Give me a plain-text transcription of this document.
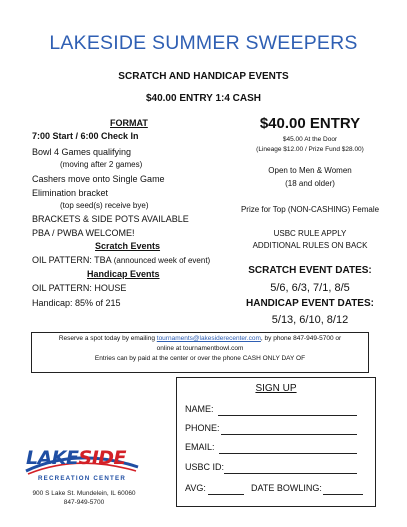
LAKESIDE SUMMER SWEEPERS
SCRATCH AND HANDICAP EVENTS
$40.00 ENTRY 1:4 CASH
FORMAT
7:00 Start / 6:00 Check In
Bowl 4 Games qualifying
(moving after 2 games)
Cashers move onto Single Game
Elimination bracket
(top seed(s) receive bye)
BRACKETS & SIDE POTS AVAILABLE
PBA / PWBA WELCOME!
Scratch Events
OIL PATTERN: TBA (announced week of event)
Handicap Events
OIL PATTERN: HOUSE
Handicap: 85% of 215
$40.00 ENTRY
$45.00 At the Door
(Lineage $12.00 / Prize Fund $28.00)
Open to Men & Women
(18 and older)
Prize for Top (NON-CASHING) Female
USBC RULE APPLY
ADDITIONAL RULES ON BACK
SCRATCH EVENT DATES:
5/6, 6/3, 7/1, 8/5
HANDICAP EVENT DATES:
5/13, 6/10, 8/12
Reserve a spot today by emailing tournaments@lakesiderecenter.com, by phone 847-949-5700 or
online at tournamentbowl.com
Entries can by paid at the center or over the phone CASH ONLY DAY OF
LAKESIDE
RECREATION CENTER
900 S Lake St. Mundelein, IL 60060
847-949-5700
SIGN UP
NAME:
PHONE:
EMAIL:
USBC ID:
AVG:	DATE BOWLING:
